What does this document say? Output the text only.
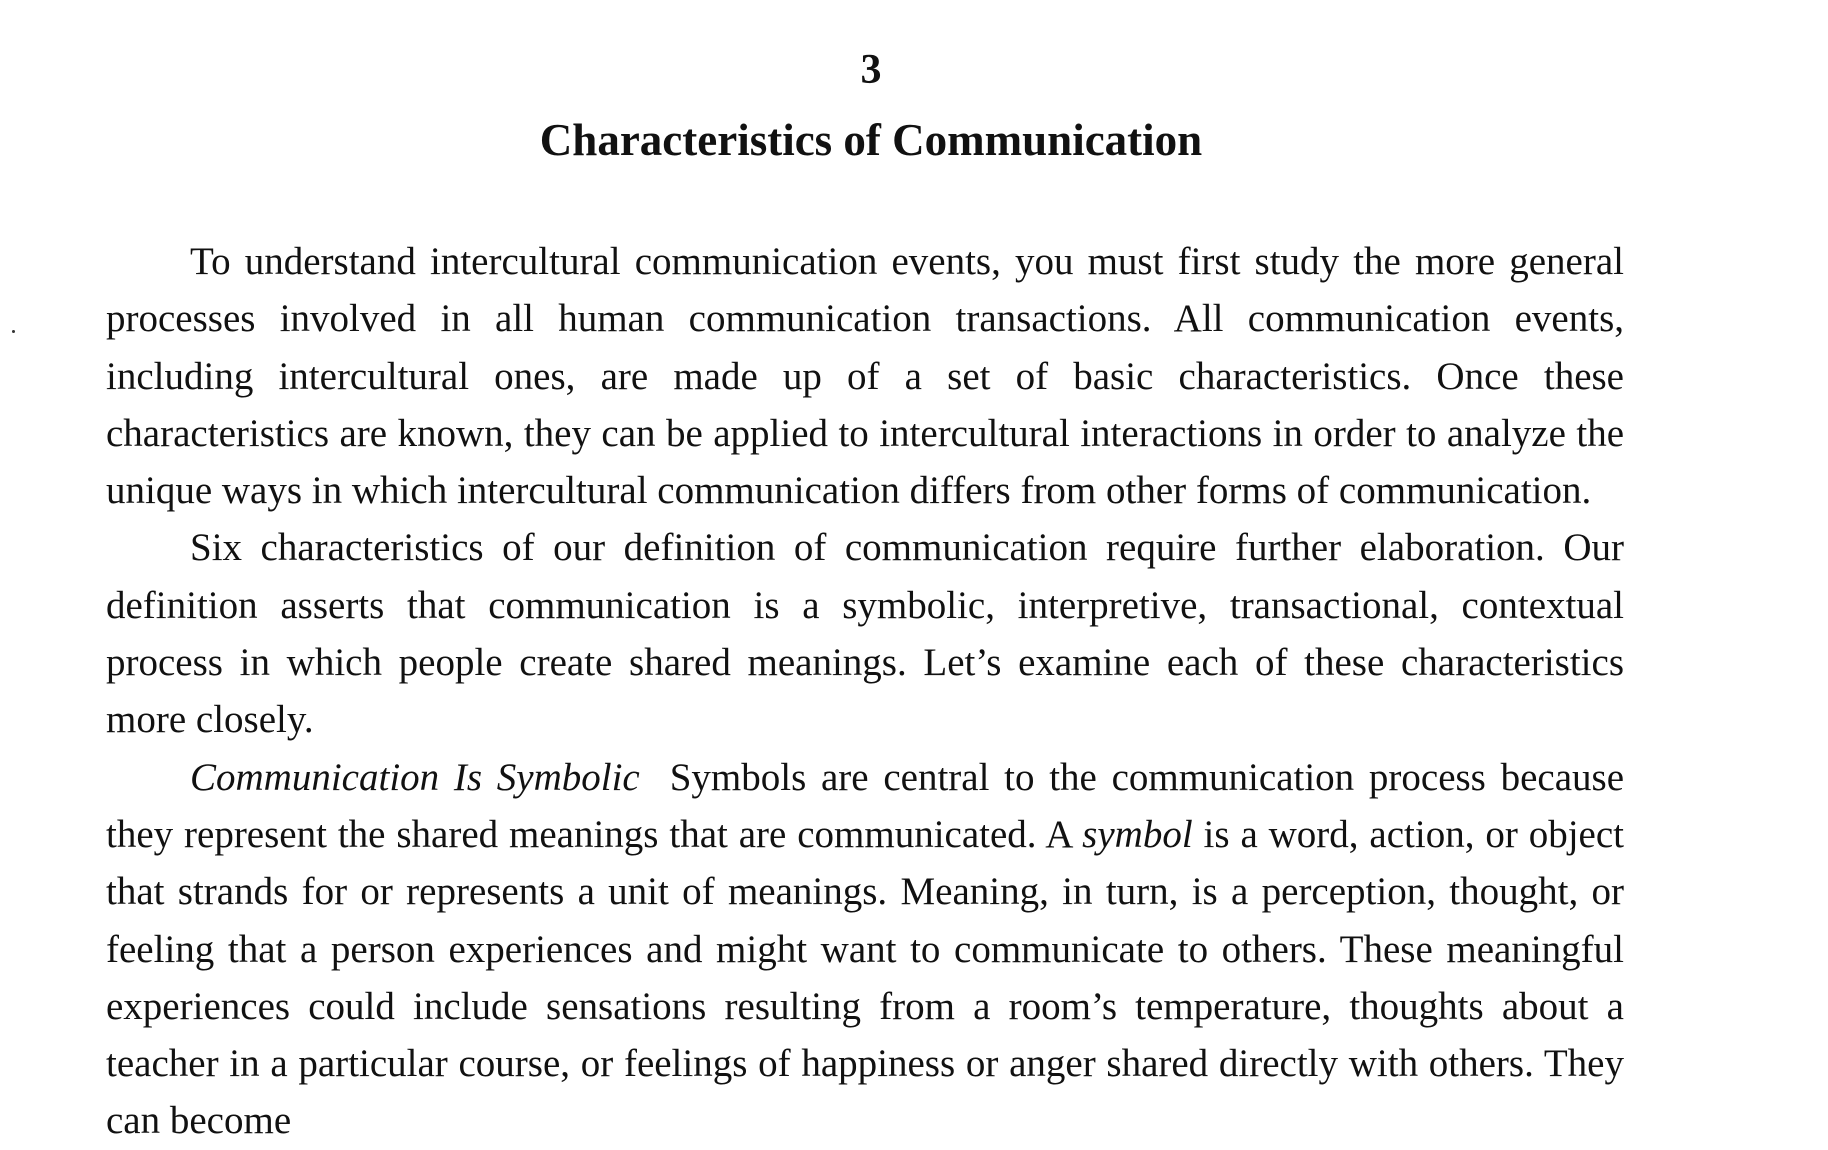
3
Characteristics of Communication

To understand intercultural communication events, you must first study the more general processes involved in all human communication transactions. All communication events, including intercultural ones, are made up of a set of basic characteristics. Once these characteristics are known, they can be applied to intercultural interactions in order to analyze the unique ways in which intercultural communication differs from other forms of communication.

Six characteristics of our definition of communication require further elaboration. Our definition asserts that communication is a symbolic, interpretive, transactional, contextual process in which people create shared meanings. Let’s examine each of these characteristics more closely.

Communication Is Symbolic Symbols are central to the communication process because they represent the shared meanings that are communicated. A symbol is a word, action, or object that strands for or represents a unit of meanings. Meaning, in turn, is a perception, thought, or feeling that a person experiences and might want to communicate to others. These meaningful experiences could include sensations resulting from a room’s temperature, thoughts about a teacher in a particular course, or feelings of happiness or anger shared directly with others. They can become
